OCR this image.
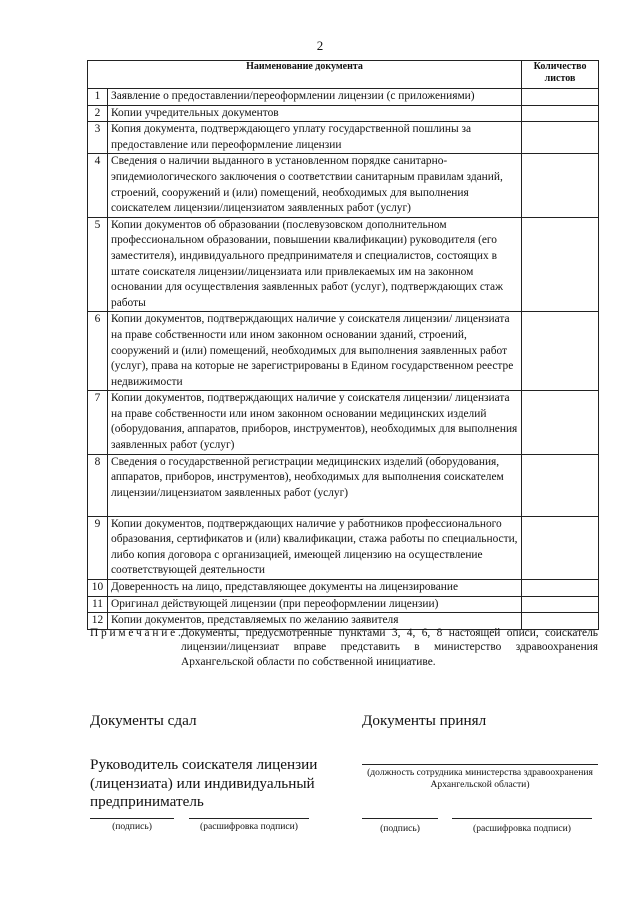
2
Наименование документа		Количество листов
1	Заявление о предоставлении/переоформлении лицензии (с приложениями)	
2	Копии учредительных документов	
3	Копия документа, подтверждающего уплату государственной пошлины за предоставление или переоформление лицензии	
4	Сведения о наличии выданного в установленном порядке санитарно-эпидемиологического заключения о соответствии санитарным правилам зданий, строений, сооружений и (или) помещений, необходимых для выполнения соискателем лицензии/лицензиатом заявленных работ (услуг)	
5	Копии документов об образовании (послевузовском дополнительном профессиональном образовании, повышении квалификации) руководителя (его заместителя), индивидуального предпринимателя и специалистов, состоящих в штате соискателя лицензии/лицензиата или привлекаемых им на законном основании для осуществления заявленных работ (услуг), подтверждающих стаж работы	
6	Копии документов, подтверждающих наличие у соискателя лицензии/ лицензиата на праве собственности или ином законном основании зданий, строений, сооружений и (или) помещений, необходимых для выполнения заявленных работ (услуг), права на которые не зарегистрированы в Едином государственном реестре недвижимости	
7	Копии документов, подтверждающих наличие у соискателя лицензии/ лицензиата на праве собственности или ином законном основании медицинских изделий (оборудования, аппаратов, приборов, инструментов), необходимых для выполнения заявленных работ (услуг)	
8	Сведения о государственной регистрации медицинских изделий (оборудования, аппаратов, приборов, инструментов), необходимых для выполнения соискателем лицензии/лицензиатом заявленных работ (услуг)	
9	Копии документов, подтверждающих наличие у работников профессионального образования, сертификатов и (или) квалификации, стажа работы по специальности, либо копия договора с организацией, имеющей лицензию на осуществление соответствующей деятельности	
10	Доверенность на лицо, представляющее документы на лицензирование	
11	Оригинал действующей лицензии (при переоформлении лицензии)	
12	Копии документов, представляемых по желанию заявителя	
Примечание.
Документы, предусмотренные пунктами 3, 4, 6, 8 настоящей описи, соискатель лицензии/лицензиат вправе представить в министерство здравоохранения Архангельской области по собственной инициативе.
Документы сдал
Руководитель соискателя лицензии (лицензиата) или индивидуальный предприниматель
(подпись)	(расшифровка подписи)
Документы принял
(должность сотрудника министерства здравоохранения Архангельской области)
(подпись)	(расшифровка подписи)
